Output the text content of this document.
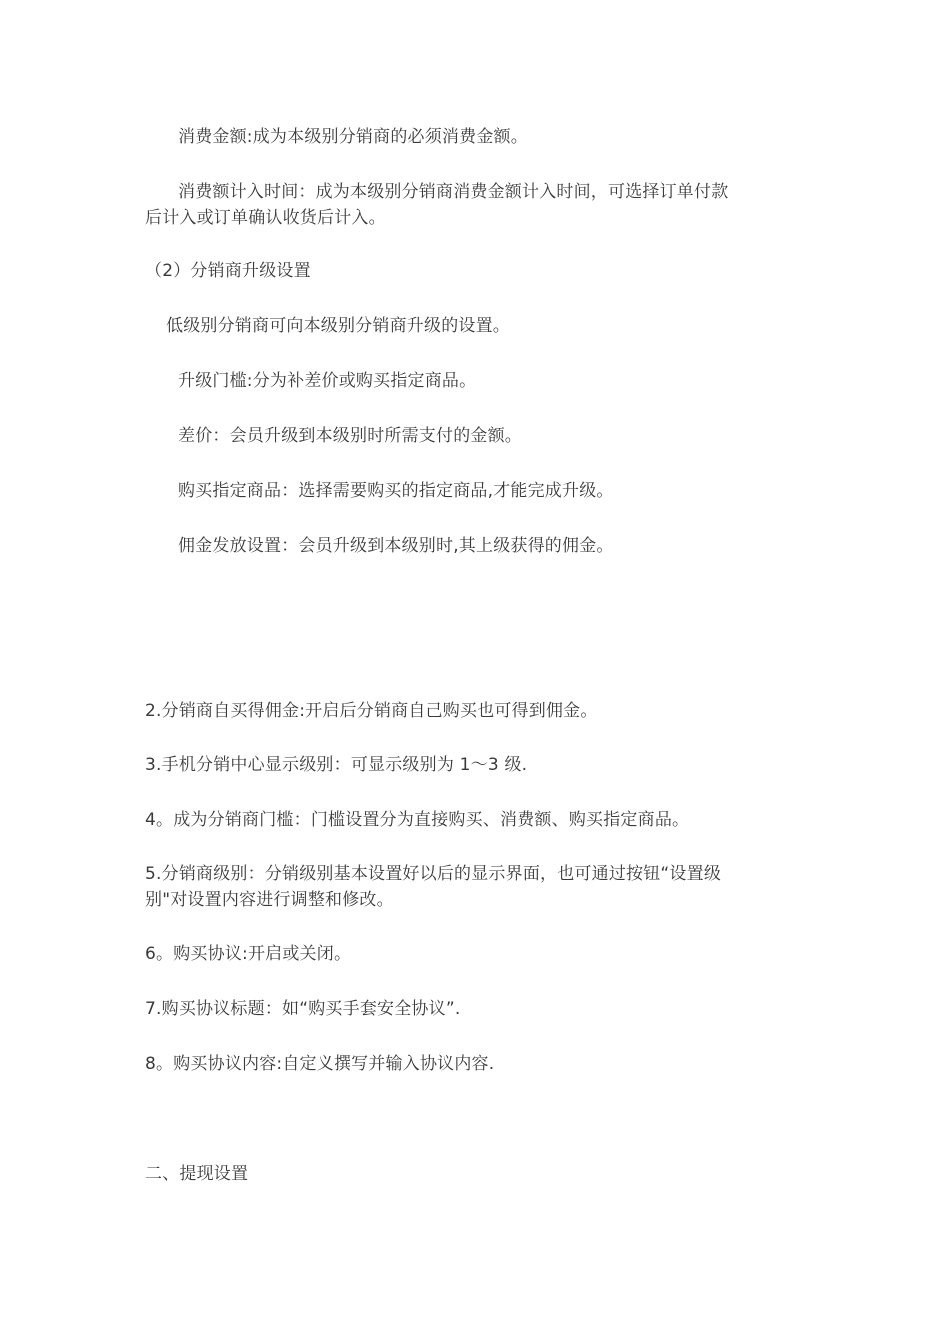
消费金额:成为本级别分销商的必须消费金额。
消费额计入时间：成为本级别分销商消费金额计入时间，可选择订单付款
后计入或订单确认收货后计入。
（2）分销商升级设置
低级别分销商可向本级别分销商升级的设置。
升级门槛:分为补差价或购买指定商品。
差价：会员升级到本级别时所需支付的金额。
购买指定商品：选择需要购买的指定商品,才能完成升级。
佣金发放设置：会员升级到本级别时,其上级获得的佣金。
2.分销商自买得佣金:开启后分销商自己购买也可得到佣金。
3.手机分销中心显示级别：可显示级别为 1～3 级.
4。成为分销商门槛：门槛设置分为直接购买、消费额、购买指定商品。
5.分销商级别：分销级别基本设置好以后的显示界面，也可通过按钮“设置级
别"对设置内容进行调整和修改。
6。购买协议:开启或关闭。
7.购买协议标题：如“购买手套安全协议”.
8。购买协议内容:自定义撰写并输入协议内容.
二、提现设置
